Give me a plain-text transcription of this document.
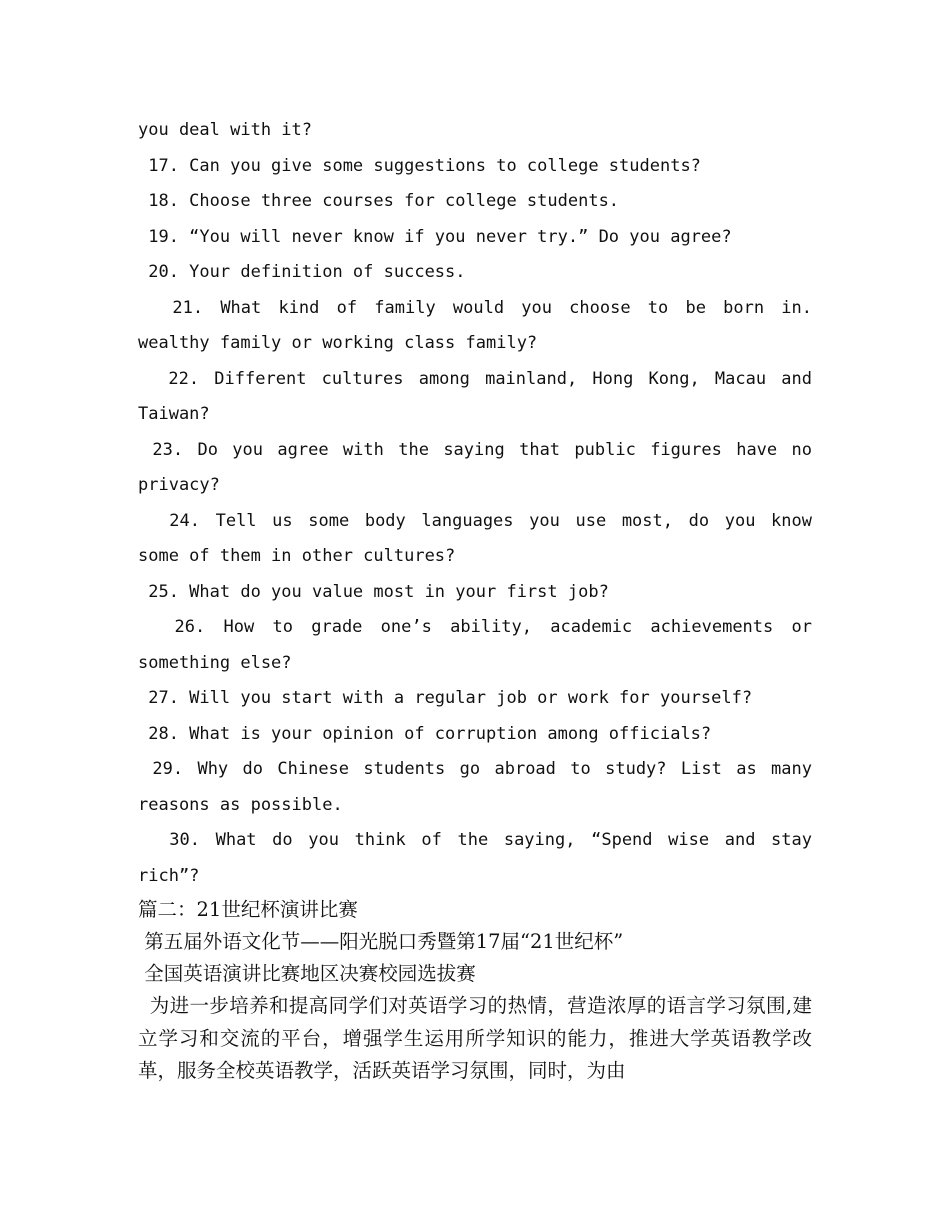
you deal with it?
17. Can you give some suggestions to college students?
18. Choose three courses for college students.
19. “You will never know if you never try.” Do you agree?
20. Your definition of success.
21. What kind of family would you choose to be born in.
wealthy family or working class family?
22. Different cultures among mainland, Hong Kong, Macau and
Taiwan?
23. Do you agree with the saying that public figures have no
privacy?
24. Tell us some body languages you use most, do you know
some of them in other cultures?
25. What do you value most in your first job?
26. How to grade one’s ability, academic achievements or
something else?
27. Will you start with a regular job or work for yourself?
28. What is your opinion of corruption among officials?
29. Why do Chinese students go abroad to study? List as many
reasons as possible.
30. What do you think of the saying, “Spend wise and stay
rich”?
篇二：21世纪杯演讲比赛
第五届外语文化节——阳光脱口秀暨第17届“21世纪杯”
全国英语演讲比赛地区决赛校园选拔赛
为进一步培养和提高同学们对英语学习的热情，营造浓厚的语言学习氛围,建立学习和交流的平台，增强学生运用所学知识的能力，推进大学英语教学改革，服务全校英语教学，活跃英语学习氛围，同时，为由
